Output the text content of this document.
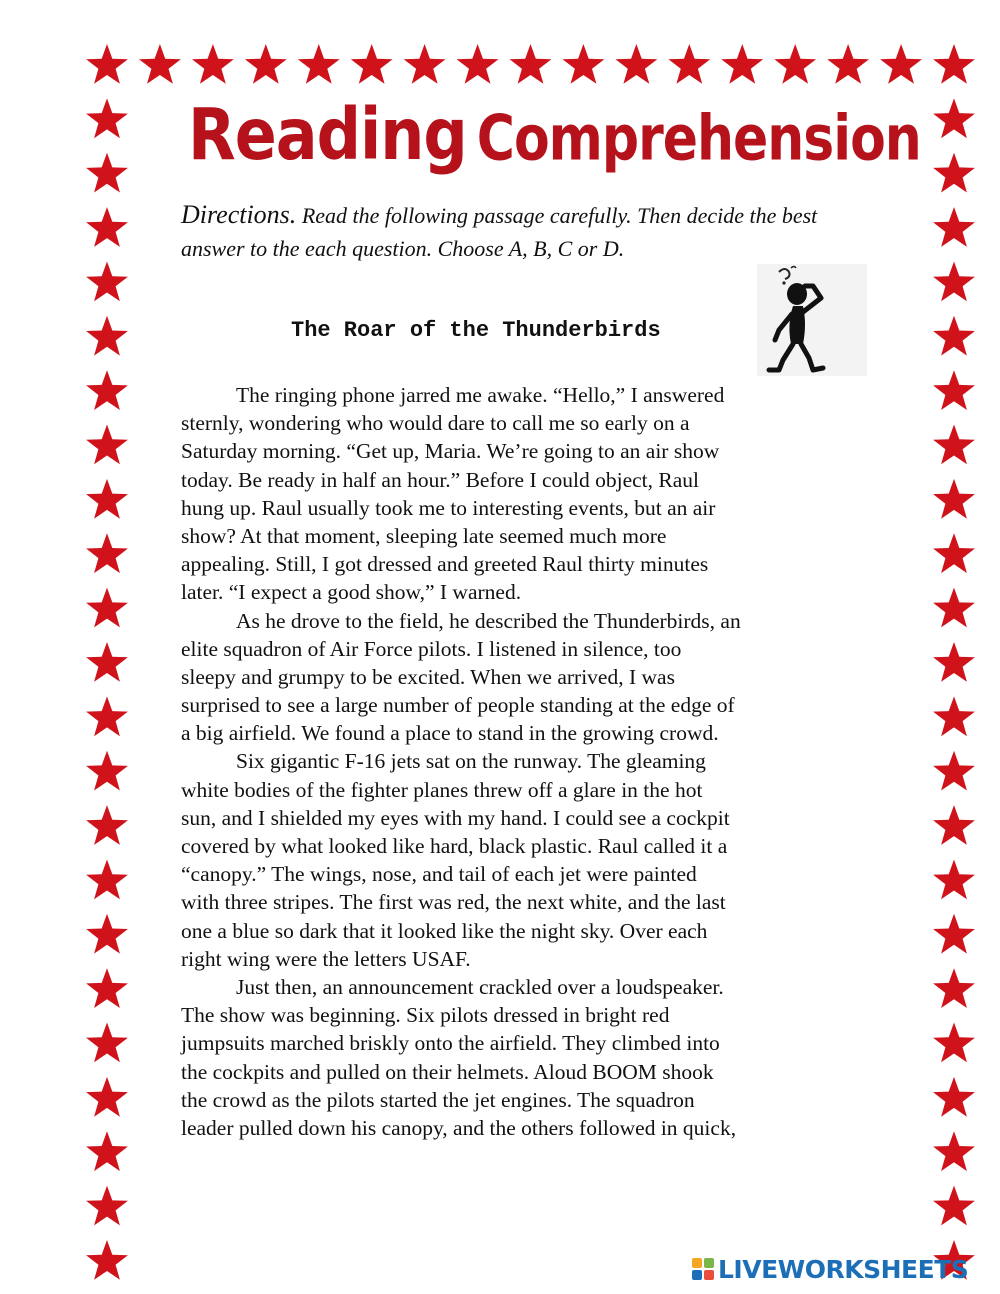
Reading Comprehension
Directions. Read the following passage carefully. Then decide the best answer to the each question. Choose A, B, C or D.
The Roar of the Thunderbirds
The ringing phone jarred me awake. “Hello,” I answered
sternly, wondering who would dare to call me so early on a
Saturday morning. “Get up, Maria. We’re going to an air show
today. Be ready in half an hour.” Before I could object, Raul
hung up. Raul usually took me to interesting events, but an air
show? At that moment, sleeping late seemed much more
appealing. Still, I got dressed and greeted Raul thirty minutes
later. “I expect a good show,” I warned.
As he drove to the field, he described the Thunderbirds, an
elite squadron of Air Force pilots. I listened in silence, too
sleepy and grumpy to be excited. When we arrived, I was
surprised to see a large number of people standing at the edge of
a big airfield. We found a place to stand in the growing crowd.
Six gigantic F-16 jets sat on the runway. The gleaming
white bodies of the fighter planes threw off a glare in the hot
sun, and I shielded my eyes with my hand. I could see a cockpit
covered by what looked like hard, black plastic. Raul called it a
“canopy.” The wings, nose, and tail of each jet were painted
with three stripes. The first was red, the next white, and the last
one a blue so dark that it looked like the night sky. Over each
right wing were the letters USAF.
Just then, an announcement crackled over a loudspeaker.
The show was beginning. Six pilots dressed in bright red
jumpsuits marched briskly onto the airfield. They climbed into
the cockpits and pulled on their helmets. Aloud BOOM shook
the crowd as the pilots started the jet engines. The squadron
leader pulled down his canopy, and the others followed in quick,
LIVEWORKSHEETS
